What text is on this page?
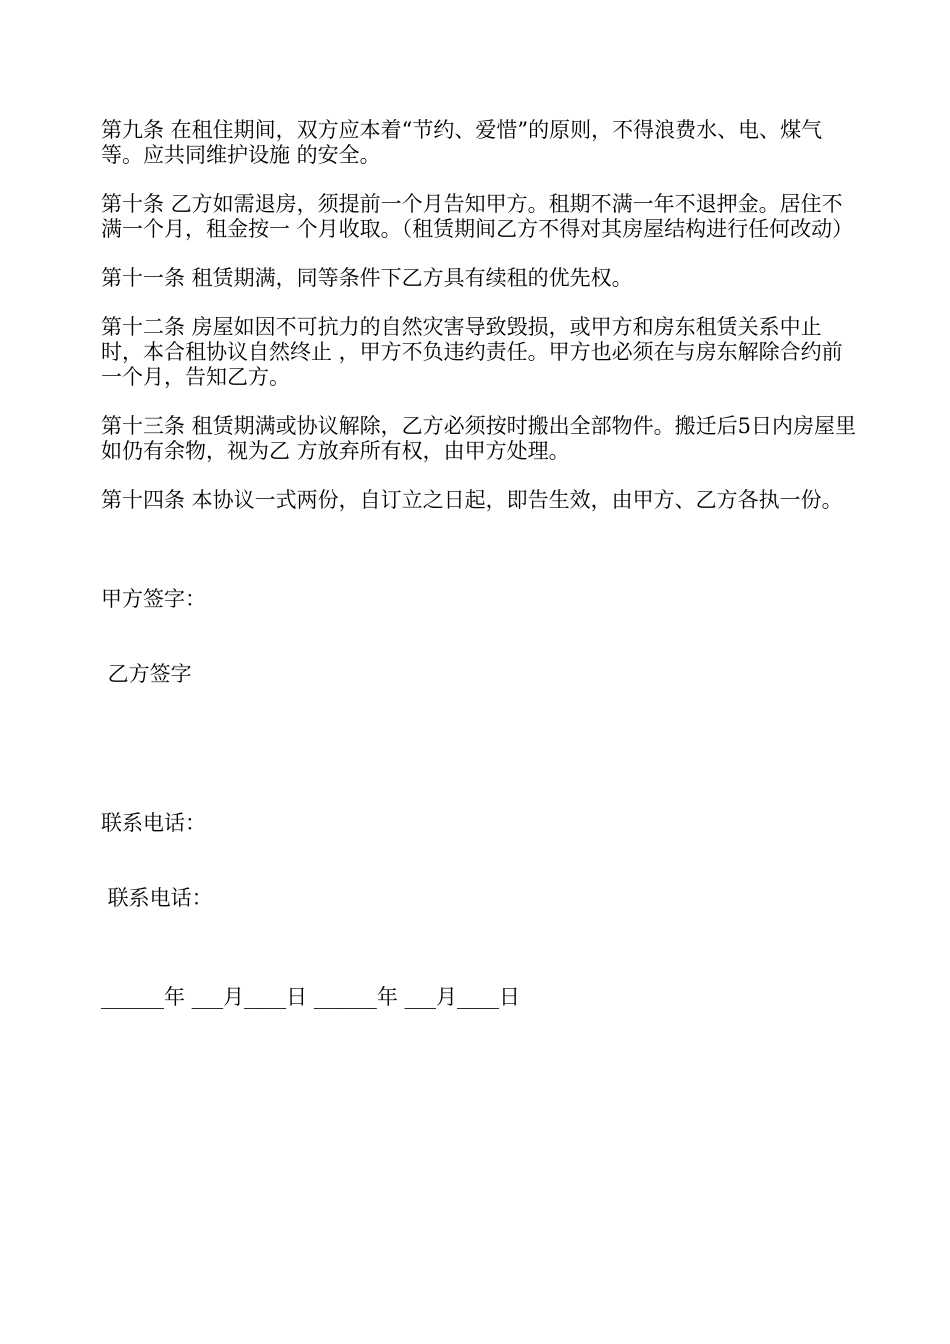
第九条 在租住期间，双方应本着“节约、爱惜”的原则，不得浪费水、电、煤气等。应共同维护设施 的安全。

第十条 乙方如需退房，须提前一个月告知甲方。租期不满一年不退押金。居住不满一个月，租金按一 个月收取。（租赁期间乙方不得对其房屋结构进行任何改动）

第十一条 租赁期满，同等条件下乙方具有续租的优先权。

第十二条 房屋如因不可抗力的自然灾害导致毁损，或甲方和房东租赁关系中止时，本合租协议自然终止 ，甲方不负违约责任。甲方也必须在与房东解除合约前一个月，告知乙方。

第十三条 租赁期满或协议解除，乙方必须按时搬出全部物件。搬迁后5日内房屋里如仍有余物，视为乙 方放弃所有权，由甲方处理。

第十四条 本协议一式两份，自订立之日起，即告生效，由甲方、乙方各执一份。

甲方签字：

乙方签字

联系电话：

联系电话：

______年 ___月____日 ______年 ___月____日
